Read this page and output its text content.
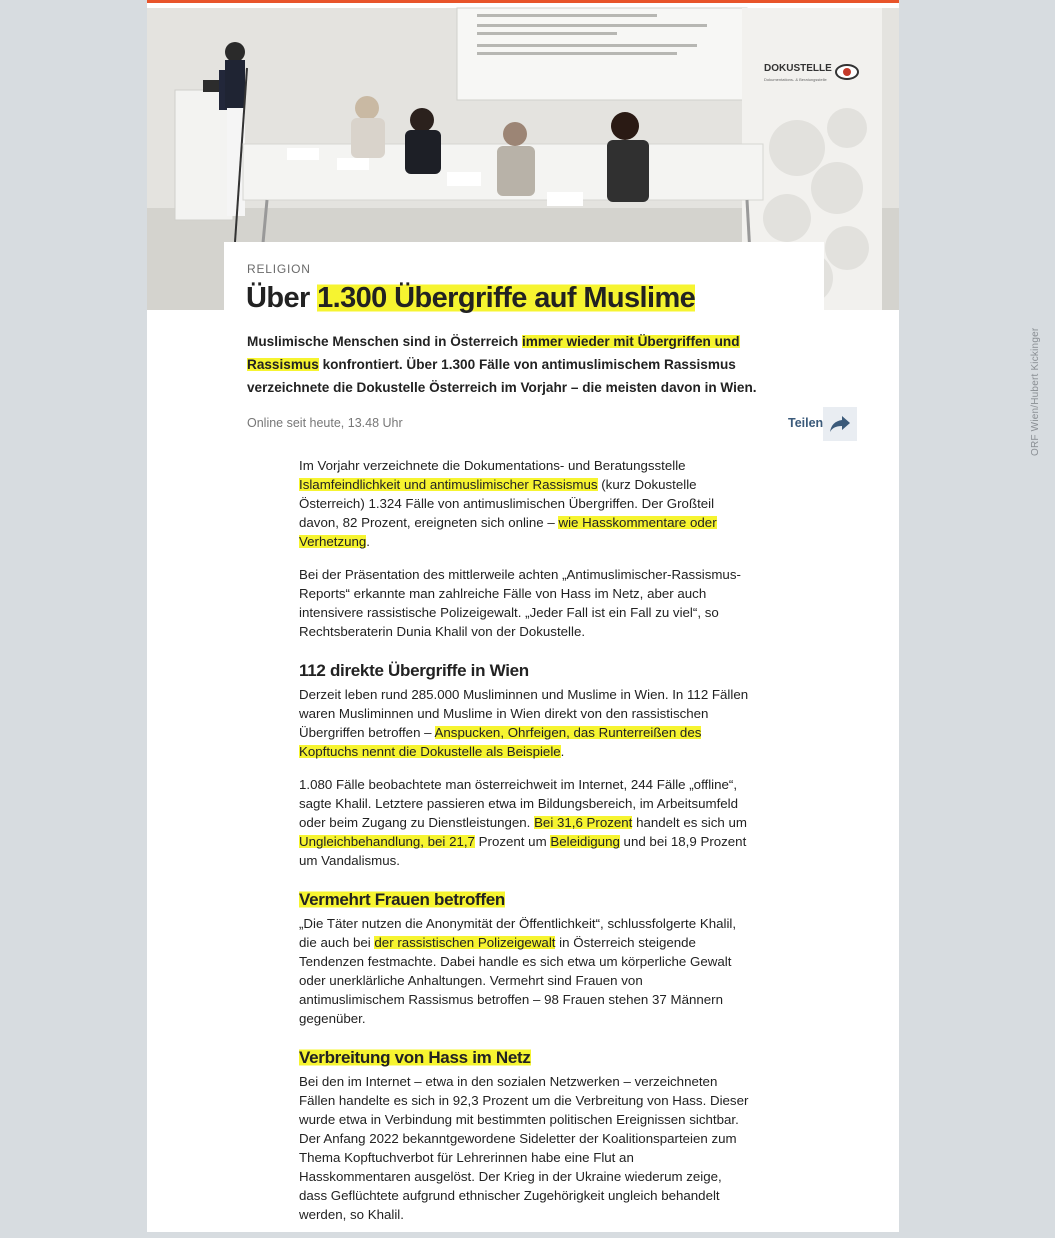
DOKUSTELLE
Dokumentations- & Beratungsstelle
ORF Wien/Hubert Kickinger
RELIGION
Über 1.300 Übergriffe auf Muslime

Muslimische Menschen sind in Österreich immer wieder mit Übergriffen und Rassismus konfrontiert. Über 1.300 Fälle von antimuslimischem Rassismus verzeichnete die Dokustelle Österreich im Vorjahr – die meisten davon in Wien.

Online seit heute, 13.48 Uhr	Teilen

Im Vorjahr verzeichnete die Dokumentations- und Beratungsstelle Islamfeindlichkeit und antimuslimischer Rassismus (kurz Dokustelle Österreich) 1.324 Fälle von antimuslimischen Übergriffen. Der Großteil davon, 82 Prozent, ereigneten sich online – wie Hasskommentare oder Verhetzung.

Bei der Präsentation des mittlerweile achten „Antimuslimischer-Rassismus-Reports“ erkannte man zahlreiche Fälle von Hass im Netz, aber auch intensivere rassistische Polizeigewalt. „Jeder Fall ist ein Fall zu viel“, so Rechtsberaterin Dunia Khalil von der Dokustelle.

112 direkte Übergriffe in Wien

Derzeit leben rund 285.000 Musliminnen und Muslime in Wien. In 112 Fällen waren Musliminnen und Muslime in Wien direkt von den rassistischen Übergriffen betroffen – Anspucken, Ohrfeigen, das Runterreißen des Kopftuchs nennt die Dokustelle als Beispiele.

1.080 Fälle beobachtete man österreichweit im Internet, 244 Fälle „offline“, sagte Khalil. Letztere passieren etwa im Bildungsbereich, im Arbeitsumfeld oder beim Zugang zu Dienstleistungen. Bei 31,6 Prozent handelt es sich um Ungleichbehandlung, bei 21,7 Prozent um Beleidigung und bei 18,9 Prozent um Vandalismus.

Vermehrt Frauen betroffen

„Die Täter nutzen die Anonymität der Öffentlichkeit“, schlussfolgerte Khalil, die auch bei der rassistischen Polizeigewalt in Österreich steigende Tendenzen festmachte. Dabei handle es sich etwa um körperliche Gewalt oder unerklärliche Anhaltungen. Vermehrt sind Frauen von antimuslimischem Rassismus betroffen – 98 Frauen stehen 37 Männern gegenüber.

Verbreitung von Hass im Netz

Bei den im Internet – etwa in den sozialen Netzwerken – verzeichneten Fällen handelte es sich in 92,3 Prozent um die Verbreitung von Hass. Dieser wurde etwa in Verbindung mit bestimmten politischen Ereignissen sichtbar. Der Anfang 2022 bekanntgewordene Sideletter der Koalitionsparteien zum Thema Kopftuchverbot für Lehrerinnen habe eine Flut an Hasskommentaren ausgelöst. Der Krieg in der Ukraine wiederum zeige, dass Geflüchtete aufgrund ethnischer Zugehörigkeit ungleich behandelt werden, so Khalil.
